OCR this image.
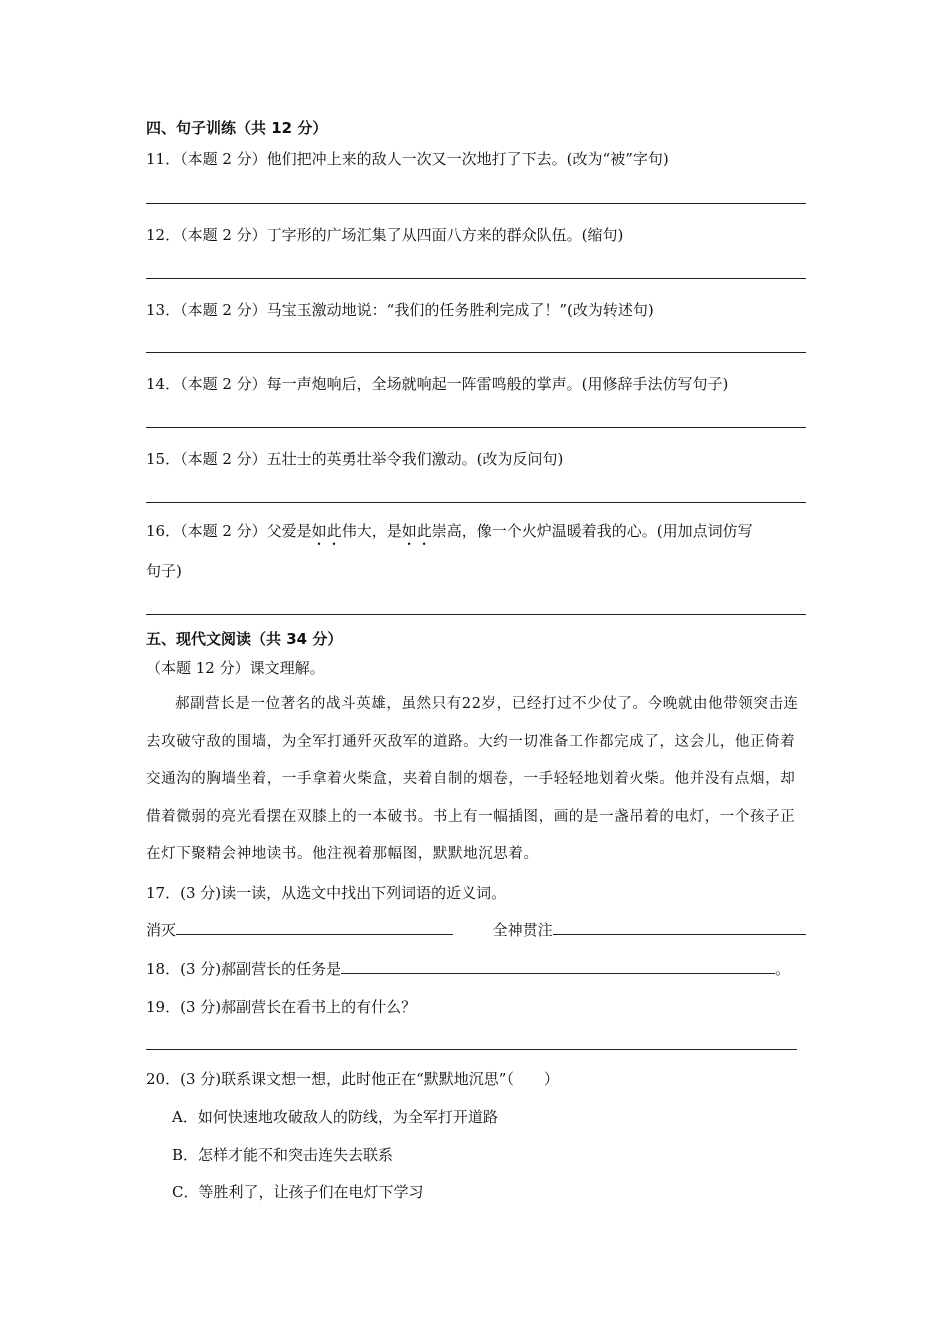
四、句子训练（共 12 分）
11．（本题 2 分）他们把冲上来的敌人一次又一次地打了下去。(改为“被”字句)
12．（本题 2 分）丁字形的广场汇集了从四面八方来的群众队伍。(缩句)
13．（本题 2 分）马宝玉激动地说：“我们的任务胜利完成了！”(改为转述句)
14．（本题 2 分）每一声炮响后，全场就响起一阵雷鸣般的掌声。(用修辞手法仿写句子)
15．（本题 2 分）五壮士的英勇壮举令我们激动。(改为反问句)
16．（本题 2 分）父爱是如此伟大，是如此崇高，像一个火炉温暖着我的心。(用加点词仿写
句子)
五、现代文阅读（共 34 分）
（本题 12 分）课文理解。

郝副营长是一位著名的战斗英雄，虽然只有22岁，已经打过不少仗了。今晚就由他带领突击连去攻破守敌的围墙，为全军打通歼灭敌军的道路。大约一切准备工作都完成了，这会儿，他正倚着交通沟的胸墙坐着，一手拿着火柴盒，夹着自制的烟卷，一手轻轻地划着火柴。他并没有点烟，却借着微弱的亮光看摆在双膝上的一本破书。书上有一幅插图，画的是一盏吊着的电灯，一个孩子正在灯下聚精会神地读书。他注视着那幅图，默默地沉思着。

17．(3 分)读一读，从选文中找出下列词语的近义词。
消灭	全神贯注
18．(3 分)郝副营长的任务是	。
19．(3 分)郝副营长在看书上的有什么？
20．(3 分)联系课文想一想，此时他正在“默默地沉思”（　　）
A．如何快速地攻破敌人的防线，为全军打开道路
B．怎样才能不和突击连失去联系
C．等胜利了，让孩子们在电灯下学习
